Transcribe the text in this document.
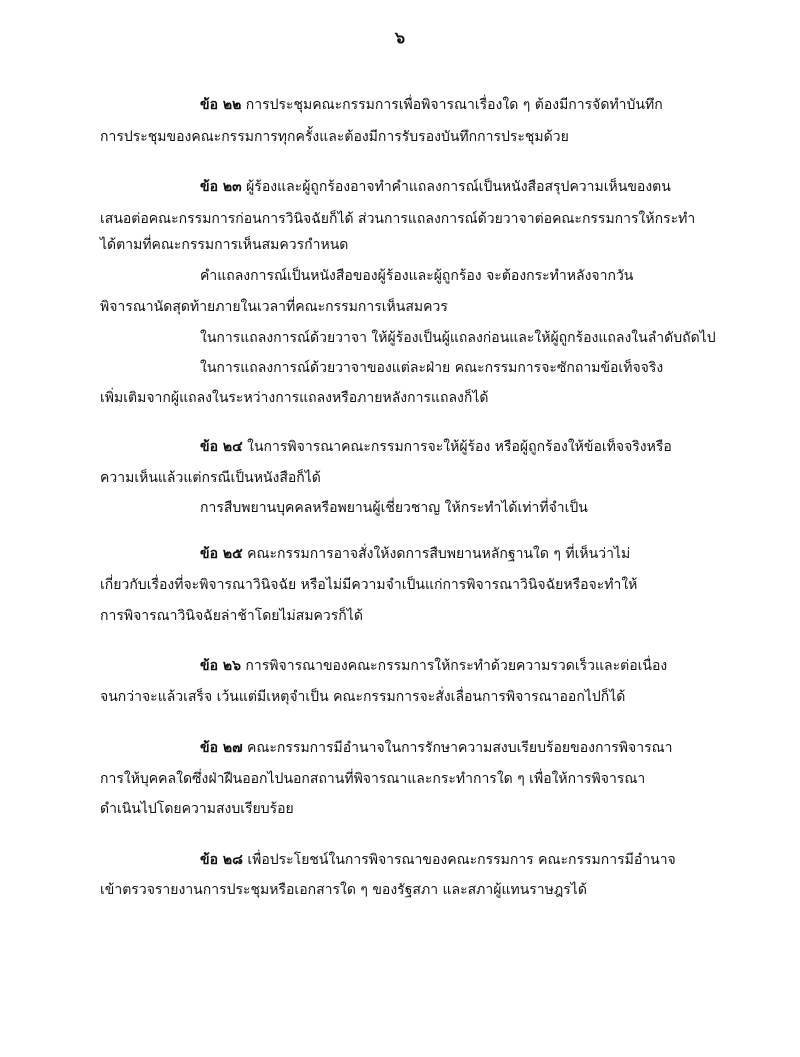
๖
ข้อ ๒๒ การประชุมคณะกรรมการเพื่อพิจารณาเรื่องใด ๆ ต้องมีการจัดทำบันทึก
การประชุมของคณะกรรมการทุกครั้งและต้องมีการรับรองบันทึกการประชุมด้วย
ข้อ ๒๓ ผู้ร้องและผู้ถูกร้องอาจทำคำแถลงการณ์เป็นหนังสือสรุปความเห็นของตน
เสนอต่อคณะกรรมการก่อนการวินิจฉัยก็ได้ ส่วนการแถลงการณ์ด้วยวาจาต่อคณะกรรมการให้กระทำ
ได้ตามที่คณะกรรมการเห็นสมควรกำหนด
คำแถลงการณ์เป็นหนังสือของผู้ร้องและผู้ถูกร้อง จะต้องกระทำหลังจากวัน
พิจารณานัดสุดท้ายภายในเวลาที่คณะกรรมการเห็นสมควร
ในการแถลงการณ์ด้วยวาจา ให้ผู้ร้องเป็นผู้แถลงก่อนและให้ผู้ถูกร้องแถลงในลำดับถัดไป
ในการแถลงการณ์ด้วยวาจาของแต่ละฝ่าย คณะกรรมการจะซักถามข้อเท็จจริง
เพิ่มเติมจากผู้แถลงในระหว่างการแถลงหรือภายหลังการแถลงก็ได้
ข้อ ๒๔ ในการพิจารณาคณะกรรมการจะให้ผู้ร้อง หรือผู้ถูกร้องให้ข้อเท็จจริงหรือ
ความเห็นแล้วแต่กรณีเป็นหนังสือก็ได้
การสืบพยานบุคคลหรือพยานผู้เชี่ยวชาญ ให้กระทำได้เท่าที่จำเป็น
ข้อ ๒๕ คณะกรรมการอาจสั่งให้งดการสืบพยานหลักฐานใด ๆ ที่เห็นว่าไม่
เกี่ยวกับเรื่องที่จะพิจารณาวินิจฉัย หรือไม่มีความจำเป็นแก่การพิจารณาวินิจฉัยหรือจะทำให้
การพิจารณาวินิจฉัยล่าช้าโดยไม่สมควรก็ได้
ข้อ ๒๖ การพิจารณาของคณะกรรมการให้กระทำด้วยความรวดเร็วและต่อเนื่อง
จนกว่าจะแล้วเสร็จ เว้นแต่มีเหตุจำเป็น คณะกรรมการจะสั่งเลื่อนการพิจารณาออกไปก็ได้
ข้อ ๒๗ คณะกรรมการมีอำนาจในการรักษาความสงบเรียบร้อยของการพิจารณา
การให้บุคคลใดซึ่งฝ่าฝืนออกไปนอกสถานที่พิจารณาและกระทำการใด ๆ เพื่อให้การพิจารณา
ดำเนินไปโดยความสงบเรียบร้อย
ข้อ ๒๘ เพื่อประโยชน์ในการพิจารณาของคณะกรรมการ คณะกรรมการมีอำนาจ
เข้าตรวจรายงานการประชุมหรือเอกสารใด ๆ ของรัฐสภา และสภาผู้แทนราษฎรได้
